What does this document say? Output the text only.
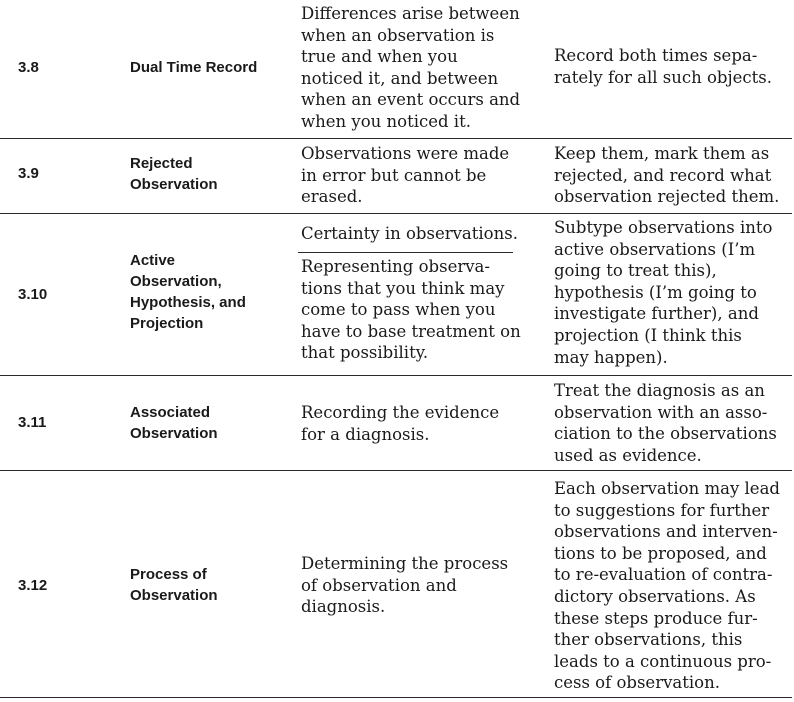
3.8	Dual Time Record
Differences arise between
when an observation is
true and when you
noticed it, and between
when an event occurs and
when you noticed it.
Record both times sepa-
rately for all such objects.
3.9
Rejected
Observation
Observations were made
in error but cannot be
erased.
Keep them, mark them as
rejected, and record what
observation rejected them.
3.10
Active
Observation,
Hypothesis, and
Projection
Certainty in observations.
Representing observa-
tions that you think may
come to pass when you
have to base treatment on
that possibility.
Subtype observations into
active observations (I’m
going to treat this),
hypothesis (I’m going to
investigate further), and
projection (I think this
may happen).
3.11
Associated
Observation
Recording the evidence
for a diagnosis.
Treat the diagnosis as an
observation with an asso-
ciation to the observations
used as evidence.
3.12
Process of
Observation
Determining the process
of observation and
diagnosis.
Each observation may lead
to suggestions for further
observations and interven-
tions to be proposed, and
to re-evaluation of contra-
dictory observations. As
these steps produce fur-
ther observations, this
leads to a continuous pro-
cess of observation.
